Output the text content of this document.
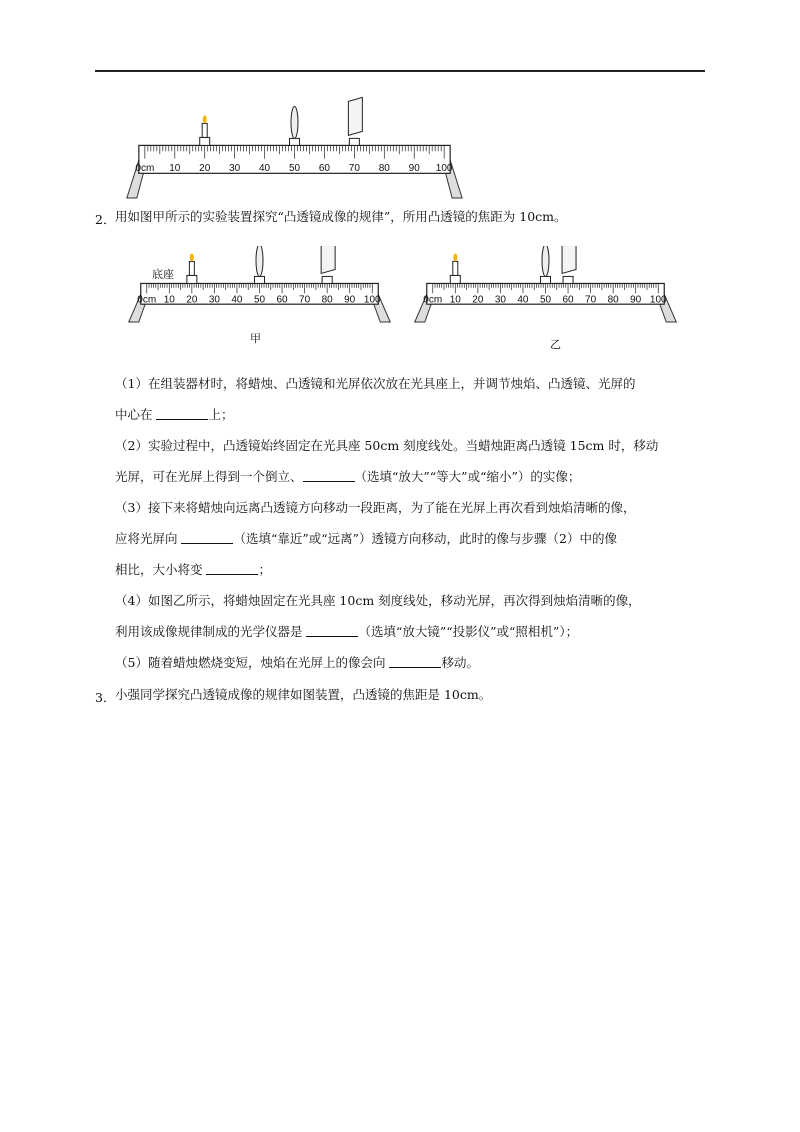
0cm 10 20 30 40 50 60 70 80 90 100
2． 用如图甲所示的实验装置探究“凸透镜成像的规律”，所用凸透镜的焦距为 10cm。
0cm 10 20 30 40 50 60 70 80 90 100
底座
甲
0cm 10 20 30 40 50 60 70 80 90 100
乙
（1）在组装器材时，将蜡烛、凸透镜和光屏依次放在光具座上，并调节烛焰、凸透镜、光屏的
中心在	上；
（2）实验过程中，凸透镜始终固定在光具座 50cm 刻度线处。当蜡烛距离凸透镜 15cm 时，移动
光屏，可在光屏上得到一个倒立、	（选填“放大”“等大”或“缩小”）的实像；
（3）接下来将蜡烛向远离凸透镜方向移动一段距离，为了能在光屏上再次看到烛焰清晰的像，
应将光屏向	（选填“靠近”或“远离”）透镜方向移动，此时的像与步骤（2）中的像
相比，大小将变	；
（4）如图乙所示，将蜡烛固定在光具座 10cm 刻度线处，移动光屏，再次得到烛焰清晰的像，
利用该成像规律制成的光学仪器是	（选填“放大镜”“投影仪”或“照相机”）；
（5）随着蜡烛燃烧变短，烛焰在光屏上的像会向	移动。
3． 小强同学探究凸透镜成像的规律如图装置，凸透镜的焦距是 10cm。
